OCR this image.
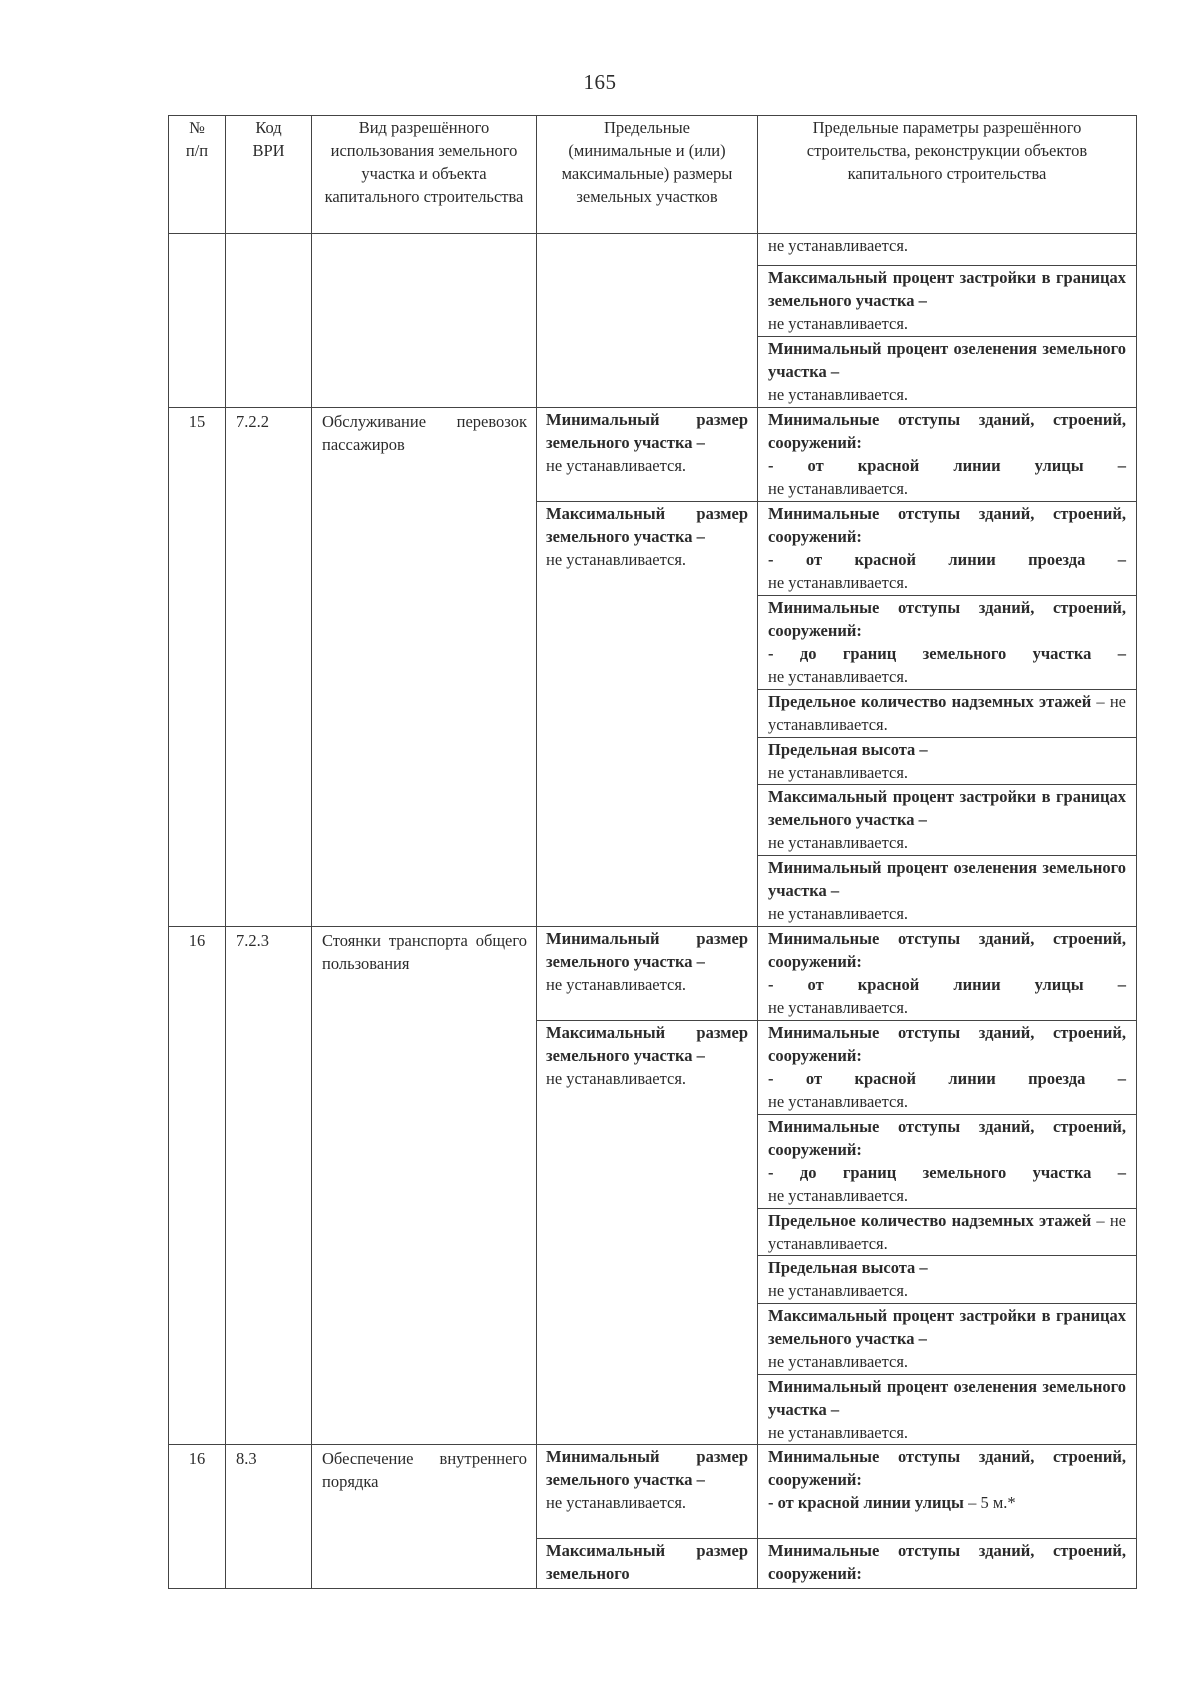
165
№ п/п	Код ВРИ	Вид разрешённого использования земельного участка и объекта капитального строительства	Предельные (минимальные и (или) максимальные) размеры земельных участков	Предельные параметры разрешённого строительства, реконструкции объектов капитального строительства

				не устанавливается.

				Максимальный процент застройки в границах земельного участка –
не устанавливается.

				Минимальный процент озеленения земельного участка –
не устанавливается.

15	7.2.2	Обслуживание перевозок пассажиров	Минимальный размер земельного участка –
не устанавливается.	Минимальные отступы зданий, строений, сооружений:
- от красной линии улицы –
не устанавливается.

			Максимальный размер земельного участка –
не устанавливается.	Минимальные отступы зданий, строений, сооружений:
- от красной линии проезда –
не устанавливается.

				Минимальные отступы зданий, строений, сооружений:
- до границ земельного участка –
не устанавливается.

				Предельное количество надземных этажей – не устанавливается.

				Предельная высота –
не устанавливается.

				Максимальный процент застройки в границах земельного участка –
не устанавливается.

				Минимальный процент озеленения земельного участка –
не устанавливается.

16	7.2.3	Стоянки транспорта общего пользования	Минимальный размер земельного участка –
не устанавливается.	Минимальные отступы зданий, строений, сооружений:
- от красной линии улицы –
не устанавливается.

			Максимальный размер земельного участка –
не устанавливается.	Минимальные отступы зданий, строений, сооружений:
- от красной линии проезда –
не устанавливается.

				Минимальные отступы зданий, строений, сооружений:
- до границ земельного участка –
не устанавливается.

				Предельное количество надземных этажей – не устанавливается.

				Предельная высота –
не устанавливается.

				Максимальный процент застройки в границах земельного участка –
не устанавливается.

				Минимальный процент озеленения земельного участка –
не устанавливается.

16	8.3	Обеспечение внутреннего порядка	Минимальный размер земельного участка –
не устанавливается.	Минимальные отступы зданий, строений, сооружений:
- от красной линии улицы – 5 м.*

			Максимальный размер земельного	Минимальные отступы зданий, строений, сооружений:
